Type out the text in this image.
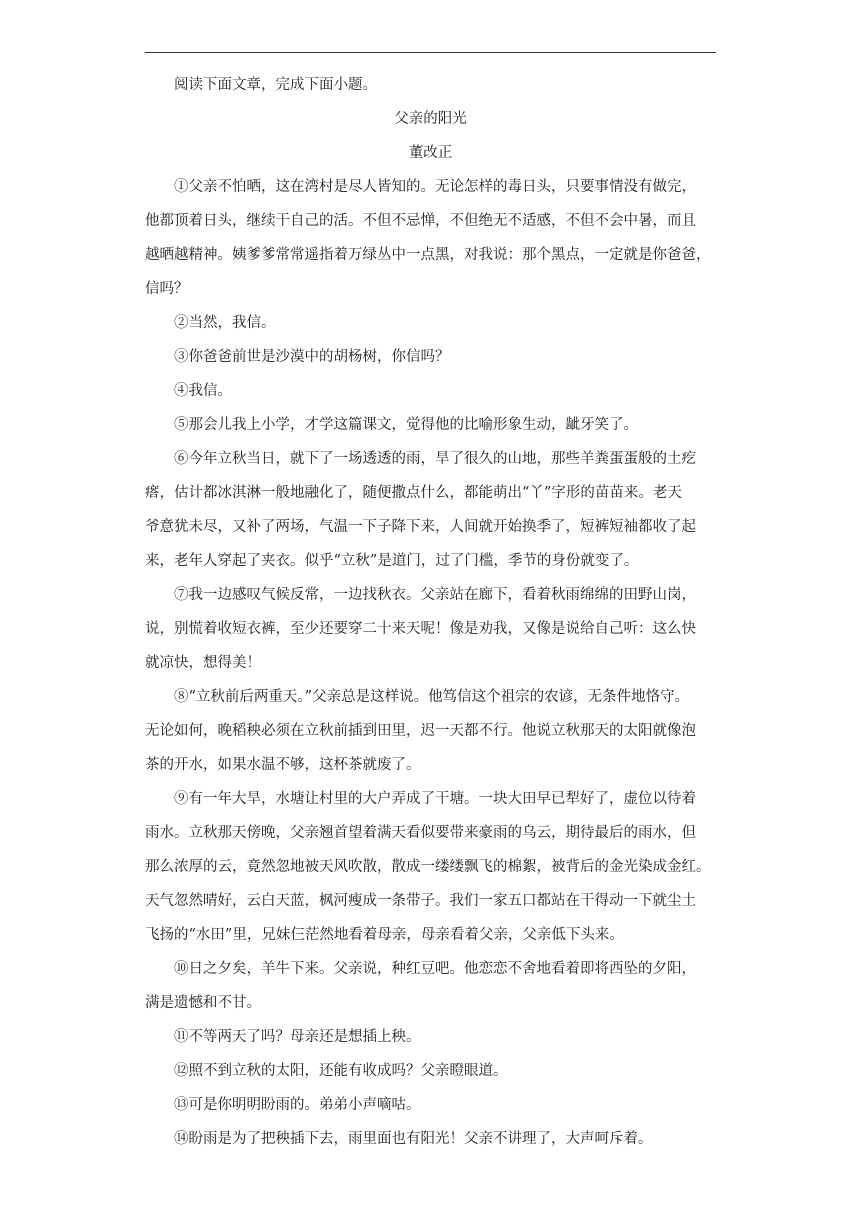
阅读下面文章，完成下面小题。

父亲的阳光

董改正

①父亲不怕晒，这在湾村是尽人皆知的。无论怎样的毒日头，只要事情没有做完，

他都顶着日头，继续干自己的活。不但不忌惮，不但绝无不适感，不但不会中暑，而且

越晒越精神。姨爹爹常常遥指着万绿丛中一点黑，对我说：那个黑点，一定就是你爸爸，

信吗？

②当然，我信。

③你爸爸前世是沙漠中的胡杨树，你信吗？

④我信。

⑤那会儿我上小学，才学这篇课文，觉得他的比喻形象生动，龇牙笑了。

⑥今年立秋当日，就下了一场透透的雨，旱了很久的山地，那些羊粪蛋蛋般的土疙

瘩，估计都冰淇淋一般地融化了，随便撒点什么，都能萌出“丫”字形的苗苗来。老天

爷意犹未尽，又补了两场，气温一下子降下来，人间就开始换季了，短裤短袖都收了起

来，老年人穿起了夹衣。似乎“立秋”是道门，过了门槛，季节的身份就变了。

⑦我一边感叹气候反常，一边找秋衣。父亲站在廊下，看着秋雨绵绵的田野山岗，

说，别慌着收短衣裤，至少还要穿二十来天呢！像是劝我，又像是说给自己听：这么快

就凉快，想得美！

⑧“立秋前后两重天。”父亲总是这样说。他笃信这个祖宗的农谚，无条件地恪守。

无论如何，晚稻秧必须在立秋前插到田里，迟一天都不行。他说立秋那天的太阳就像泡

茶的开水，如果水温不够，这杯茶就废了。

⑨有一年大旱，水塘让村里的大户弄成了干塘。一块大田早已犁好了，虚位以待着

雨水。立秋那天傍晚，父亲翘首望着满天看似要带来豪雨的乌云，期待最后的雨水，但

那么浓厚的云，竟然忽地被天风吹散，散成一缕缕飘飞的棉絮，被背后的金光染成金红。

天气忽然晴好，云白天蓝，枫河瘦成一条带子。我们一家五口都站在干得动一下就尘土

飞扬的“水田”里，兄妹仨茫然地看着母亲，母亲看着父亲，父亲低下头来。

⑩日之夕矣，羊牛下来。父亲说，种红豆吧。他恋恋不舍地看着即将西坠的夕阳，

满是遗憾和不甘。

⑪不等两天了吗？母亲还是想插上秧。

⑫照不到立秋的太阳，还能有收成吗？父亲瞪眼道。

⑬可是你明明盼雨的。弟弟小声嘀咕。

⑭盼雨是为了把秧插下去，雨里面也有阳光！父亲不讲理了，大声呵斥着。
